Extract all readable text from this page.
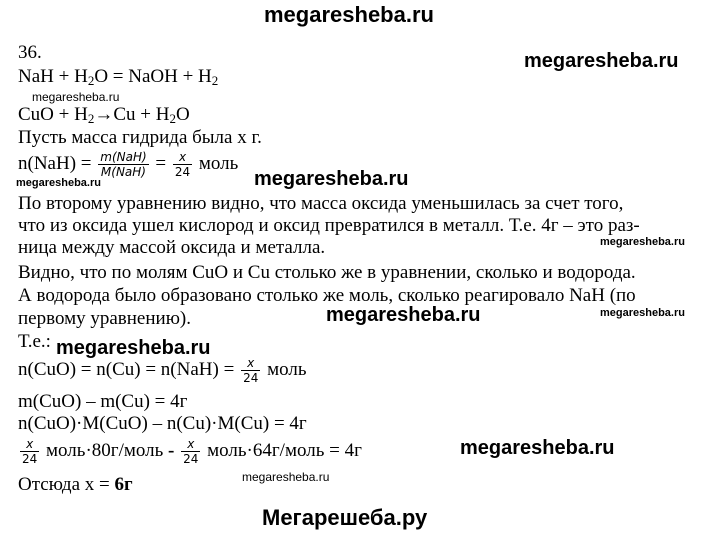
megaresheba.ru
megaresheba.ru
megaresheba.ru
megaresheba.ru	megaresheba.ru
megaresheba.ru
megaresheba.ru	megaresheba.ru
megaresheba.ru
megaresheba.ru
megaresheba.ru
Мегарешеба.ру
36.
NaH + $H_2O$ = NaOH + $H_2$
CuO + $H_2\to Cu + H_2O$
Пусть масса гидрида была х г.
$n(NaH) = \frac{\text{m(NaH)}}{\text{M(NaH)}} = \frac{x}{24}$ моль
По второму уравнению видно, что масса оксида уменьшилась за счет того,
что из оксида ушел кислород и оксид превратился в металл. Т.е. 4г – это раз-
ница между массой оксида и металла.
Видно, что по молям CuO и Cu столько же в уравнении, сколько и водорода.
А водорода было образовано столько же моль, сколько реагировало NaH (по
первому уравнению).
Т.е.:
$n(CuO) = n(Cu) = n(NaH) = \frac{x}{24}$ моль
m(CuO) – m(Cu) = 4г
n(CuO)·M(CuO) – n(Cu)·M(Cu) = 4г
$\frac{x}{24}$ моль·80г/моль - $\frac{x}{24}$ моль·64г/моль = 4г
Отсюда х = 6г
